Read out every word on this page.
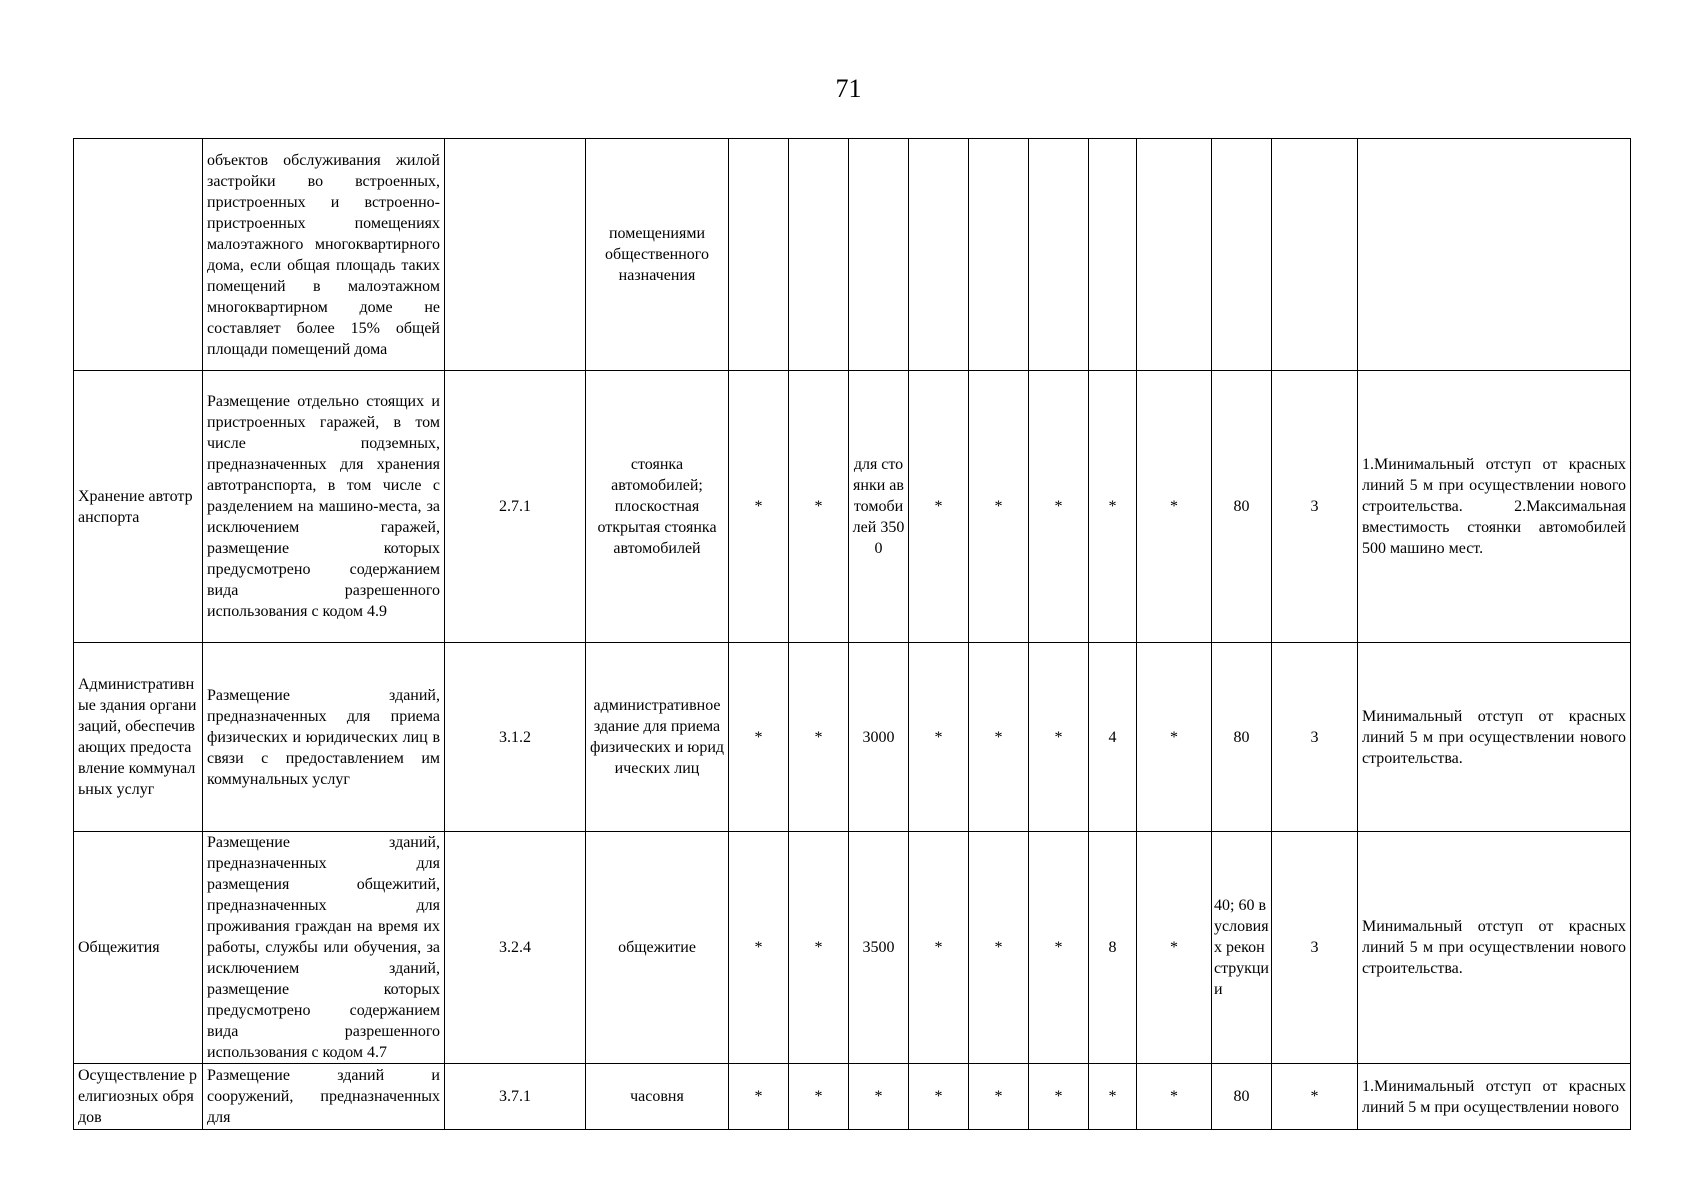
71
	объектов обслуживания жилой застройки во встроенных, пристроенных и встроенно-пристроенных помещениях малоэтажного многоквартирного дома, если общая площадь таких помещений в малоэтажном многоквартирном доме не составляет более 15% общей площади помещений дома		помещениями общественного назначения											
Хранение автотранспорта	Размещение отдельно стоящих и пристроенных гаражей, в том числе подземных, предназначенных для хранения автотранспорта, в том числе с разделением на машино-места, за исключением гаражей, размещение которых предусмотрено содержанием вида разрешенного использования с кодом 4.9	2.7.1	стоянка автомобилей; плоскостная открытая стоянка автомобилей	*	*	для стоянки автомобилей 3500	*	*	*	*	*	80	3	1.Минимальный отступ от красных линий 5 м при осуществлении нового строительства. 2.Максимальная вместимость стоянки автомобилей 500 машино мест.
Административные здания организаций, обеспечивающих предоставление коммунальных услуг	Размещение зданий, предназначенных для приема физических и юридических лиц в связи с предоставлением им коммунальных услуг	3.1.2	административное здание для приема физических и юридических лиц	*	*	3000	*	*	*	4	*	80	3	Минимальный отступ от красных линий 5 м при осуществлении нового строительства.
Общежития	Размещение зданий, предназначенных для размещения общежитий, предназначенных для проживания граждан на время их работы, службы или обучения, за исключением зданий, размещение которых предусмотрено содержанием вида разрешенного использования с кодом 4.7	3.2.4	общежитие	*	*	3500	*	*	*	8	*	40; 60 в условиях реконструкции	3	Минимальный отступ от красных линий 5 м при осуществлении нового строительства.
Осуществление религиозных обрядов	Размещение зданий и сооружений, предназначенных для	3.7.1	часовня	*	*	*	*	*	*	*	*	80	*	1.Минимальный отступ от красных линий 5 м при осуществлении нового
